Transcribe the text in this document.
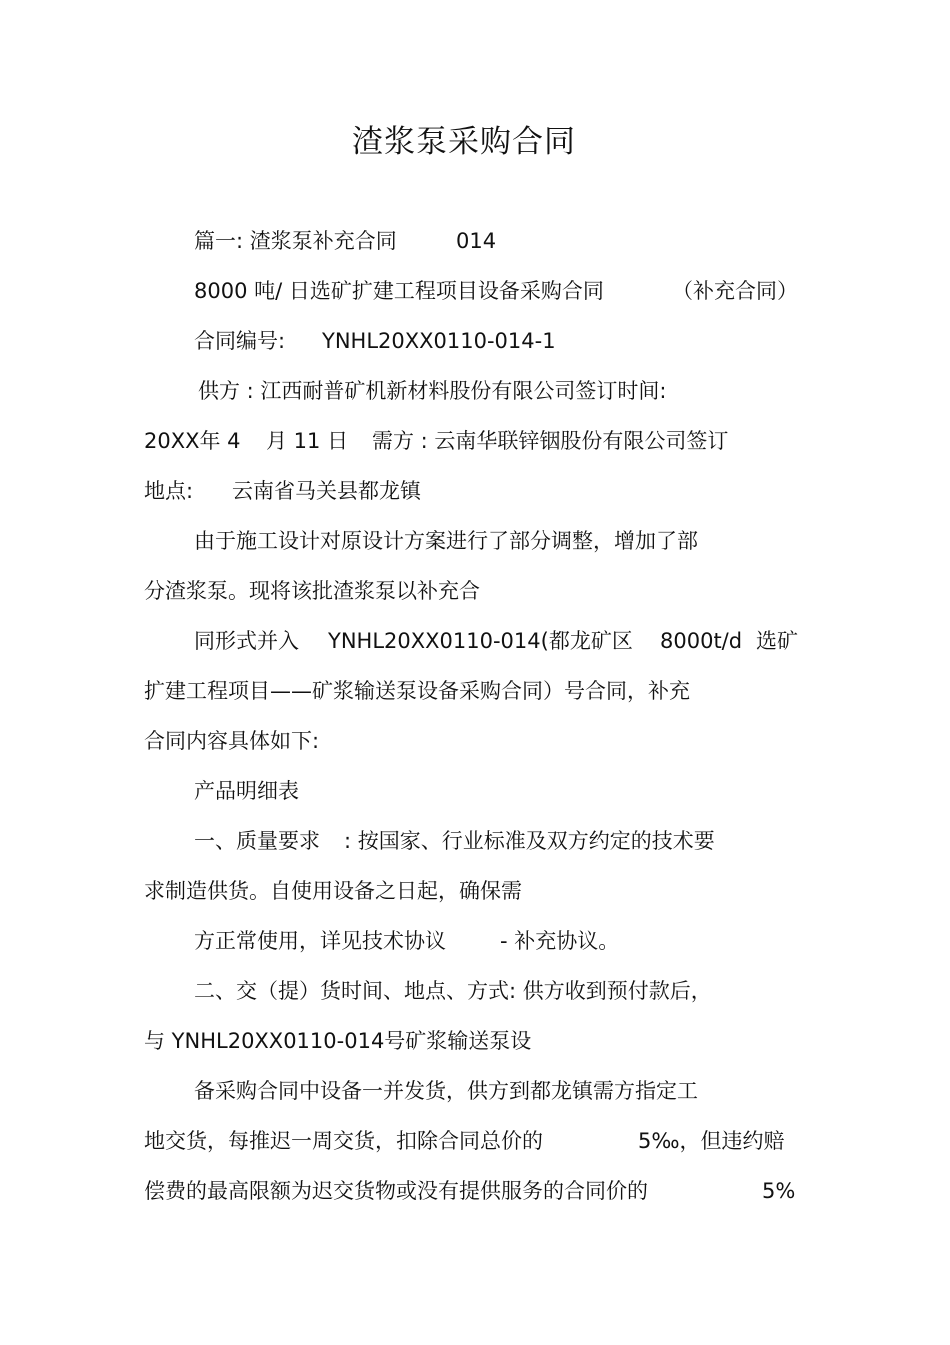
渣浆泵采购合同
篇一: 渣浆泵补充合同	014
8000 吨/ 日选矿扩建工程项目设备采购合同	（补充合同）
合同编号: YNHL20XX0110-014-1
供方 : 江西耐普矿机新材料股份有限公司签订时间:
20XX年 4 月 11 日 需方 : 云南华联锌铟股份有限公司签订
地点: 云南省马关县都龙镇
由于施工设计对原设计方案进行了部分调整，增加了部
分渣浆泵。现将该批渣浆泵以补充合
同形式并入 YNHL20XX0110-014(都龙矿区 8000t/d 选矿
扩建工程项目——矿浆输送泵设备采购合同）号合同，补充
合同内容具体如下:
产品明细表
一、质量要求 : 按国家、行业标准及双方约定的技术要
求制造供货。自使用设备之日起，确保需
方正常使用，详见技术协议	- 补充协议。
二、交（提）货时间、地点、方式: 供方收到预付款后，
与 YNHL20XX0110-014号矿浆输送泵设
备采购合同中设备一并发货，供方到都龙镇需方指定工
地交货，每推迟一周交货，扣除合同总价的	5‰，但违约赔
偿费的最高限额为迟交货物或没有提供服务的合同价的	5%
